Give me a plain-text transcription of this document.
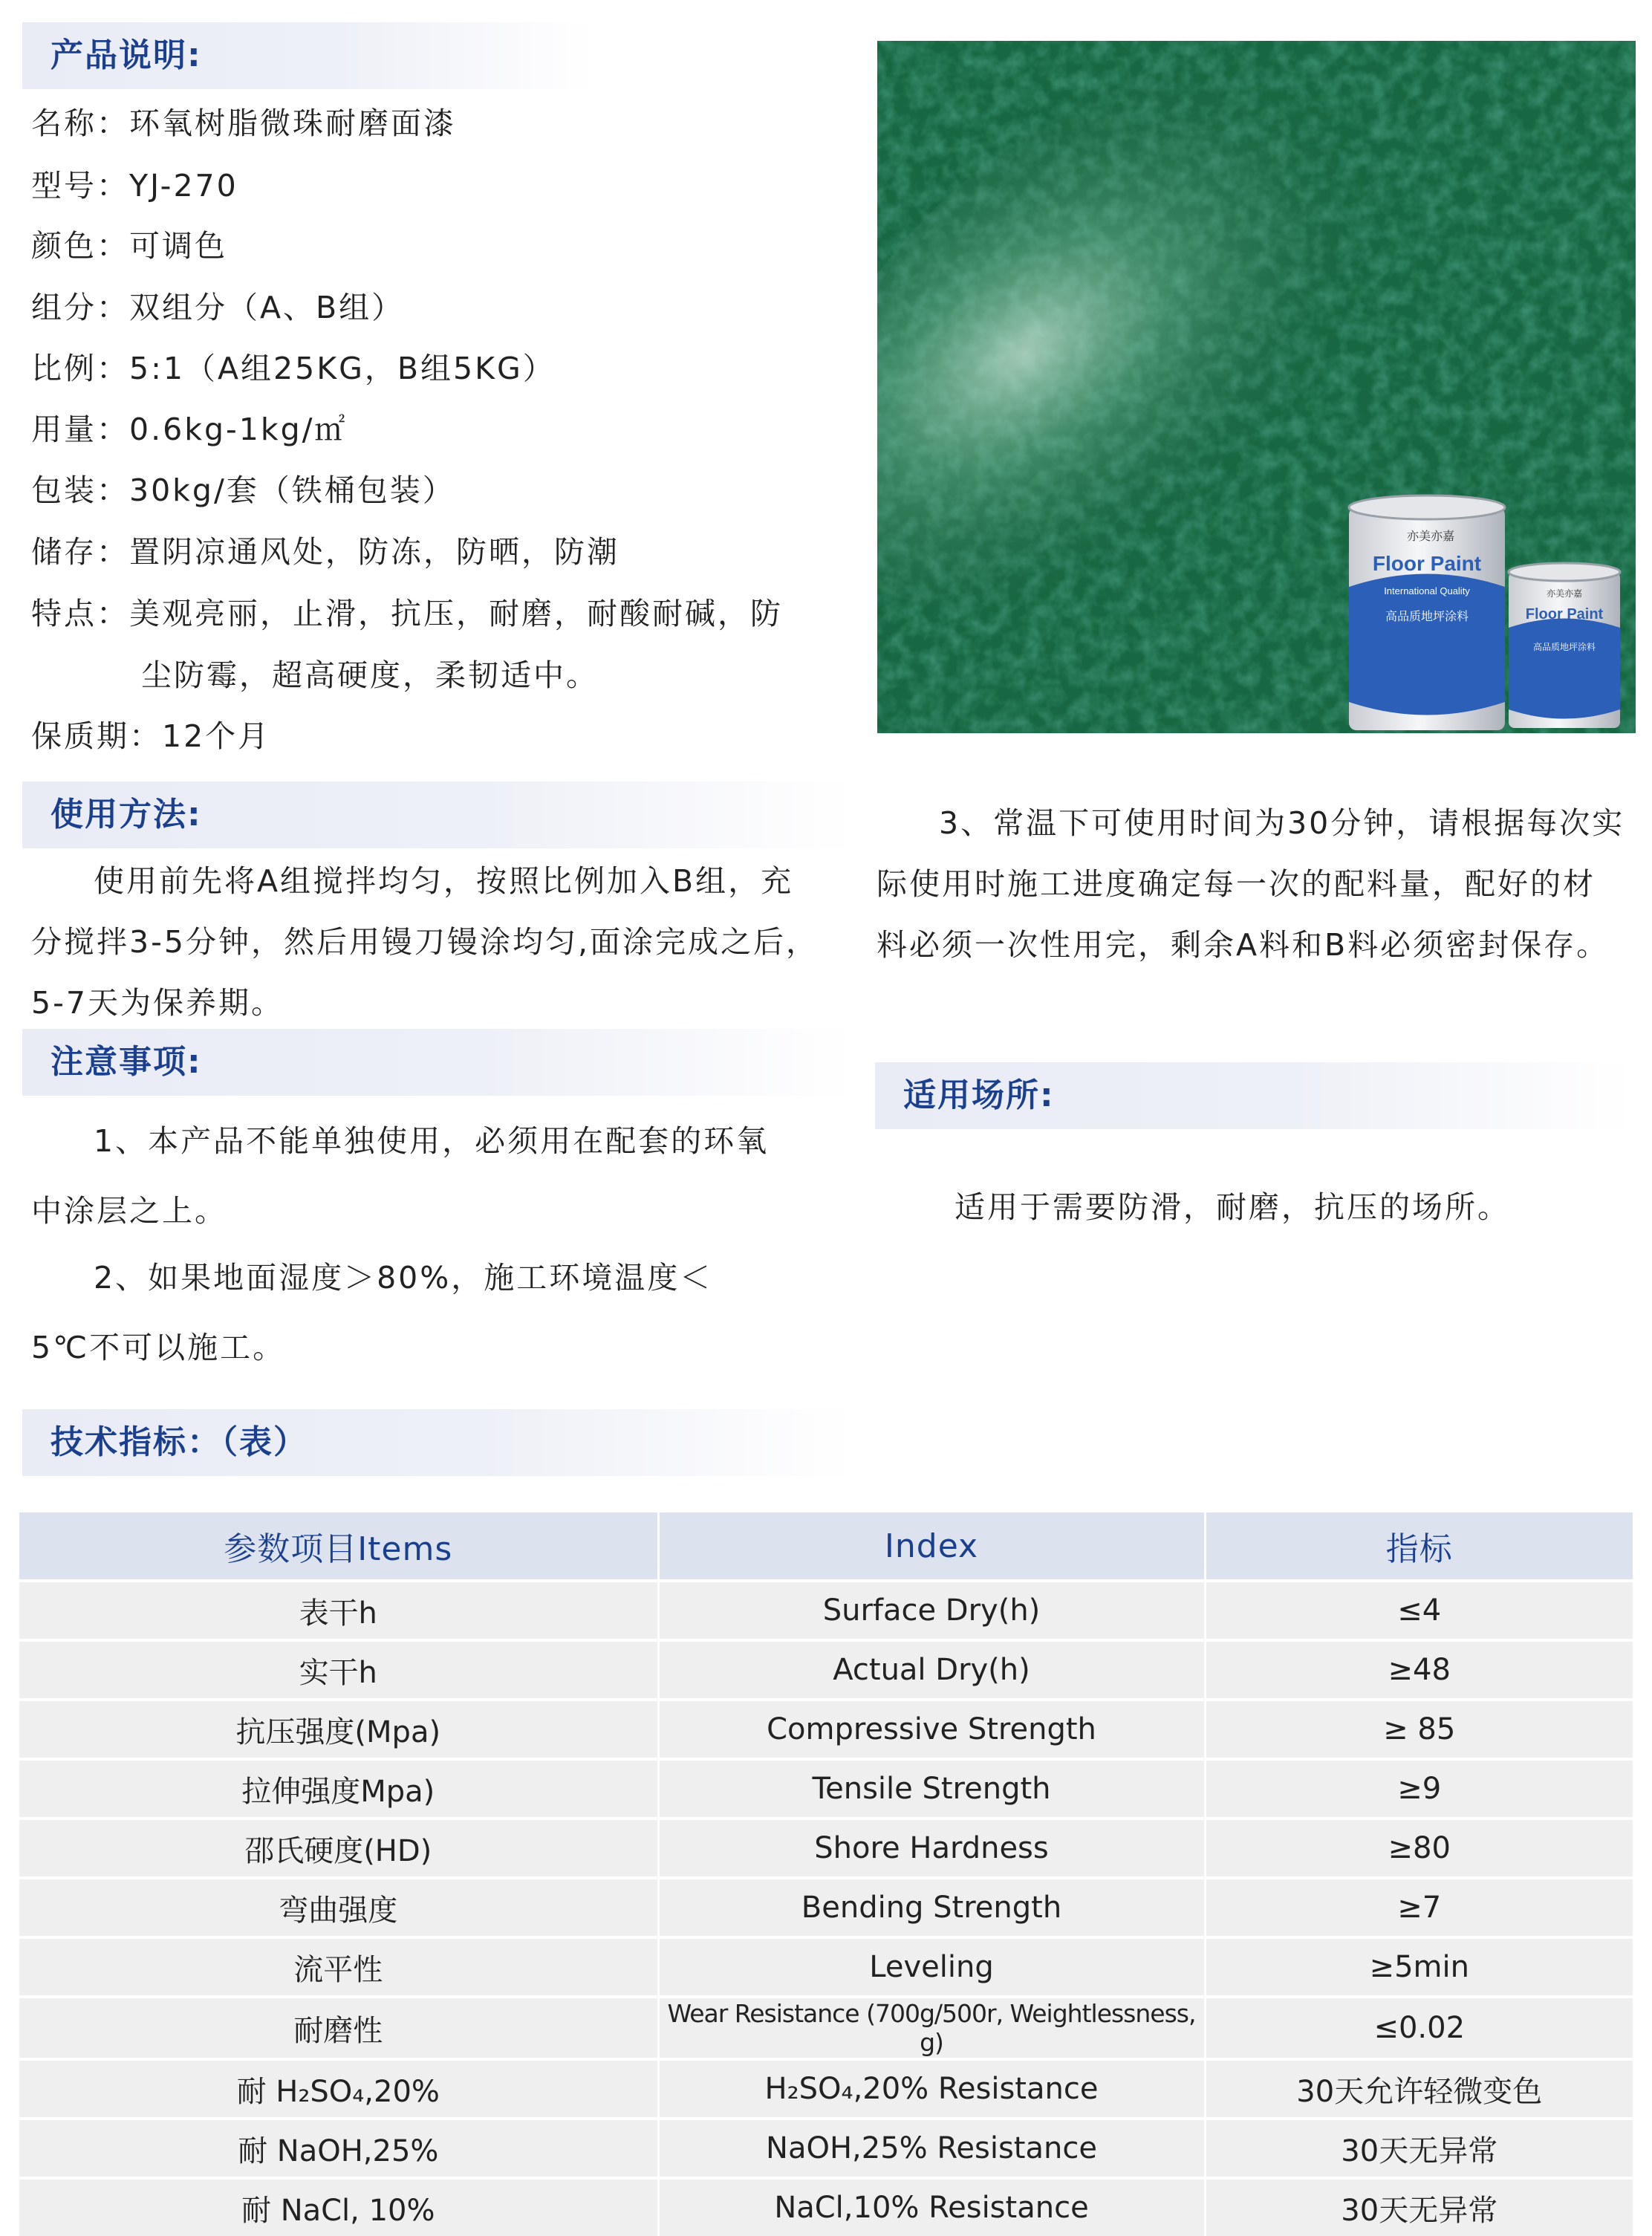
产品说明:
名称：环氧树脂微珠耐磨面漆
型号：YJ-270
颜色：可调色
组分：双组分（A、B组）
比例：5:1（A组25KG，B组5KG）
用量：0.6kg-1kg/㎡
包装：30kg/套（铁桶包装）
储存：置阴凉通风处，防冻，防晒，防潮
特点：美观亮丽，止滑，抗压，耐磨，耐酸耐碱，防
尘防霉，超高硬度，柔韧适中。
保质期：12个月
Floor Paint
International Quality
高品质地坪涂料
亦美亦嘉
Floor Paint
高品质地坪涂料
亦美亦嘉
使用方法:
使用前先将A组搅拌均匀，按照比例加入B组，充分搅拌3-5分钟，然后用镘刀镘涂均匀,面涂完成之后，5-7天为保养期。
3、常温下可使用时间为30分钟，请根据每次实际使用时施工进度确定每一次的配料量，配好的材料必须一次性用完，剩余A料和B料必须密封保存。
注意事项:
1、本产品不能单独使用，必须用在配套的环氧中涂层之上。
2、如果地面湿度＞80%，施工环境温度＜5℃不可以施工。
适用场所:
适用于需要防滑，耐磨，抗压的场所。
技术指标：（表）
参数项目Items	Index	指标
表干h	Surface Dry(h)	≤4
实干h	Actual Dry(h)	≥48
抗压强度(Mpa)	Compressive Strength	≥ 85
拉伸强度Mpa)	Tensile Strength	≥9
邵氏硬度(HD)	Shore Hardness	≥80
弯曲强度	Bending Strength	≥7
流平性	Leveling	≥5min
耐磨性	Wear Resistance (700g/500r, Weightlessness, g)	≤0.02
耐 H₂SO₄,20%	H₂SO₄,20% Resistance	30天允许轻微变色
耐 NaOH,25%	NaOH,25% Resistance	30天无异常
耐 NaCl, 10%	NaCl,10% Resistance	30天无异常
